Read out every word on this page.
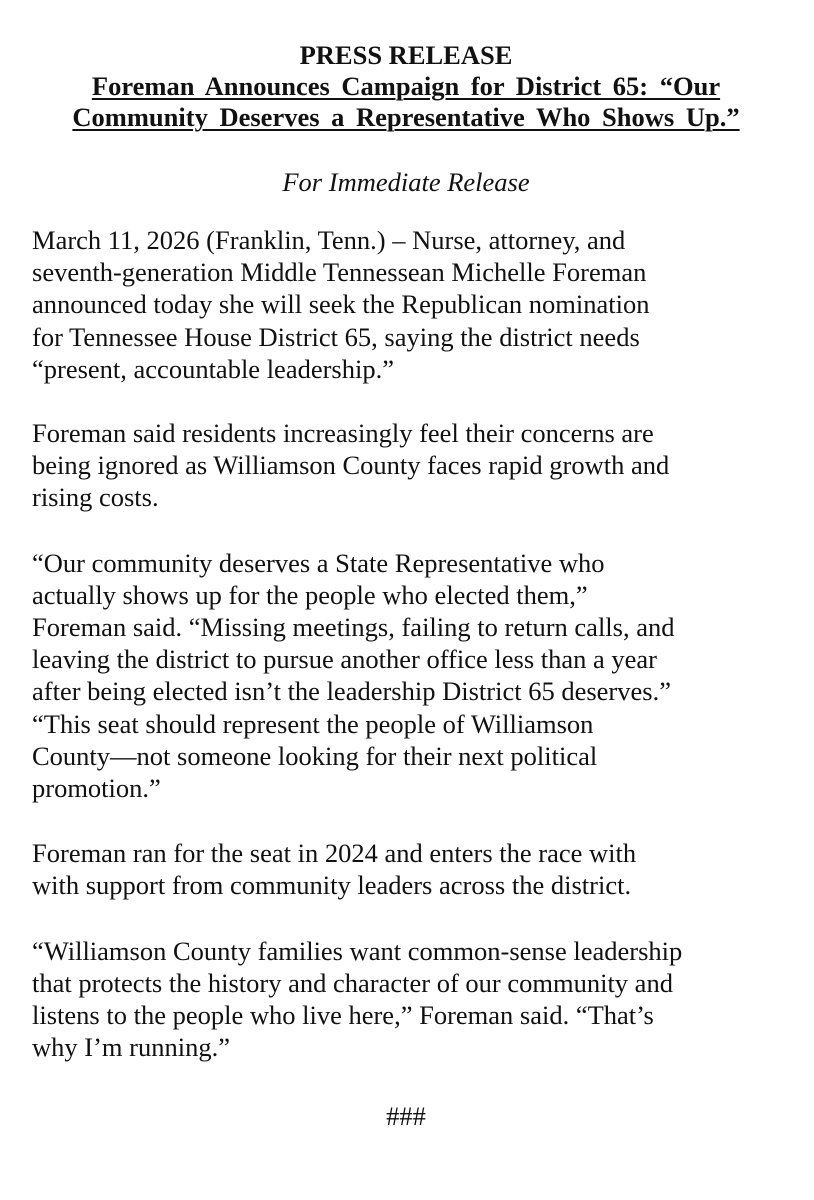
PRESS RELEASE
Foreman Announces Campaign for District 65: “Our Community Deserves a Representative Who Shows Up.”
For Immediate Release

March 11, 2026 (Franklin, Tenn.) – Nurse, attorney, and
seventh-generation Middle Tennessean Michelle Foreman
announced today she will seek the Republican nomination
for Tennessee House District 65, saying the district needs
“present, accountable leadership.”

Foreman said residents increasingly feel their concerns are
being ignored as Williamson County faces rapid growth and
rising costs.

“Our community deserves a State Representative who
actually shows up for the people who elected them,”
Foreman said. “Missing meetings, failing to return calls, and
leaving the district to pursue another office less than a year
after being elected isn’t the leadership District 65 deserves.”
“This seat should represent the people of Williamson
County—not someone looking for their next political
promotion.”

Foreman ran for the seat in 2024 and enters the race with
with support from community leaders across the district.

“Williamson County families want common-sense leadership
that protects the history and character of our community and
listens to the people who live here,” Foreman said. “That’s
why I’m running.”

###
